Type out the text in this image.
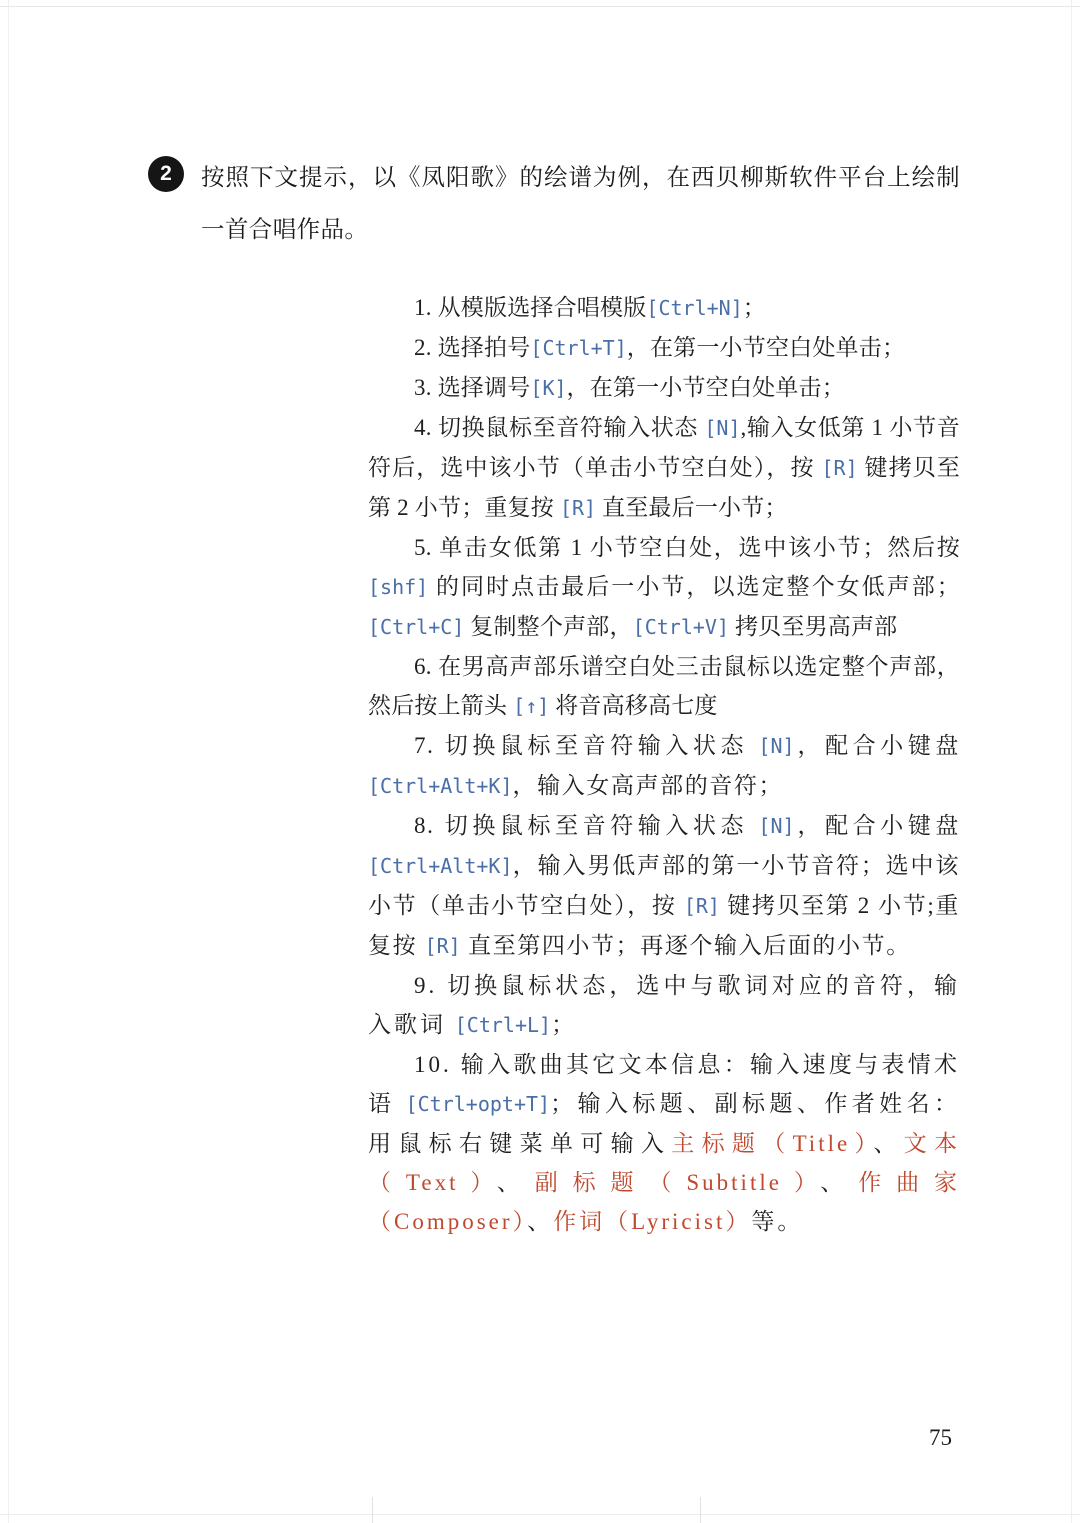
2	按照下文提示，以《凤阳歌》的绘谱为例，在西贝柳斯软件平台上绘制一首合唱作品。
1. 从模版选择合唱模版[Ctrl+N]；
2. 选择拍号[Ctrl+T]，在第一小节空白处单击；
3. 选择调号[K]，在第一小节空白处单击；
4. 切换鼠标至音符输入状态 [N],输入女低第 1 小节音符后，选中该小节（单击小节空白处），按 [R] 键拷贝至第 2 小节；重复按 [R] 直至最后一小节；
5. 单击女低第 1 小节空白处，选中该小节；然后按 [shf] 的同时点击最后一小节，以选定整个女低声部；[Ctrl+C] 复制整个声部，[Ctrl+V] 拷贝至男高声部
6. 在男高声部乐谱空白处三击鼠标以选定整个声部，然后按上箭头 [↑] 将音高移高七度
7. 切换鼠标至音符输入状态 [N]，配合小键盘 [Ctrl+Alt+K]，输入女高声部的音符；
8. 切换鼠标至音符输入状态 [N]，配合小键盘 [Ctrl+Alt+K]，输入男低声部的第一小节音符；选中该小节（单击小节空白处），按 [R] 键拷贝至第 2 小节;重复按 [R] 直至第四小节；再逐个输入后面的小节。
9. 切换鼠标状态，选中与歌词对应的音符，输入歌词 [Ctrl+L]；
10. 输入歌曲其它文本信息：输入速度与表情术语 [Ctrl+opt+T]；输入标题、副标题、作者姓名：用鼠标右键菜单可输入主标题（Title）、文本（Text）、副标题（Subtitle）、作曲家（Composer）、作词（Lyricist）等。
75
